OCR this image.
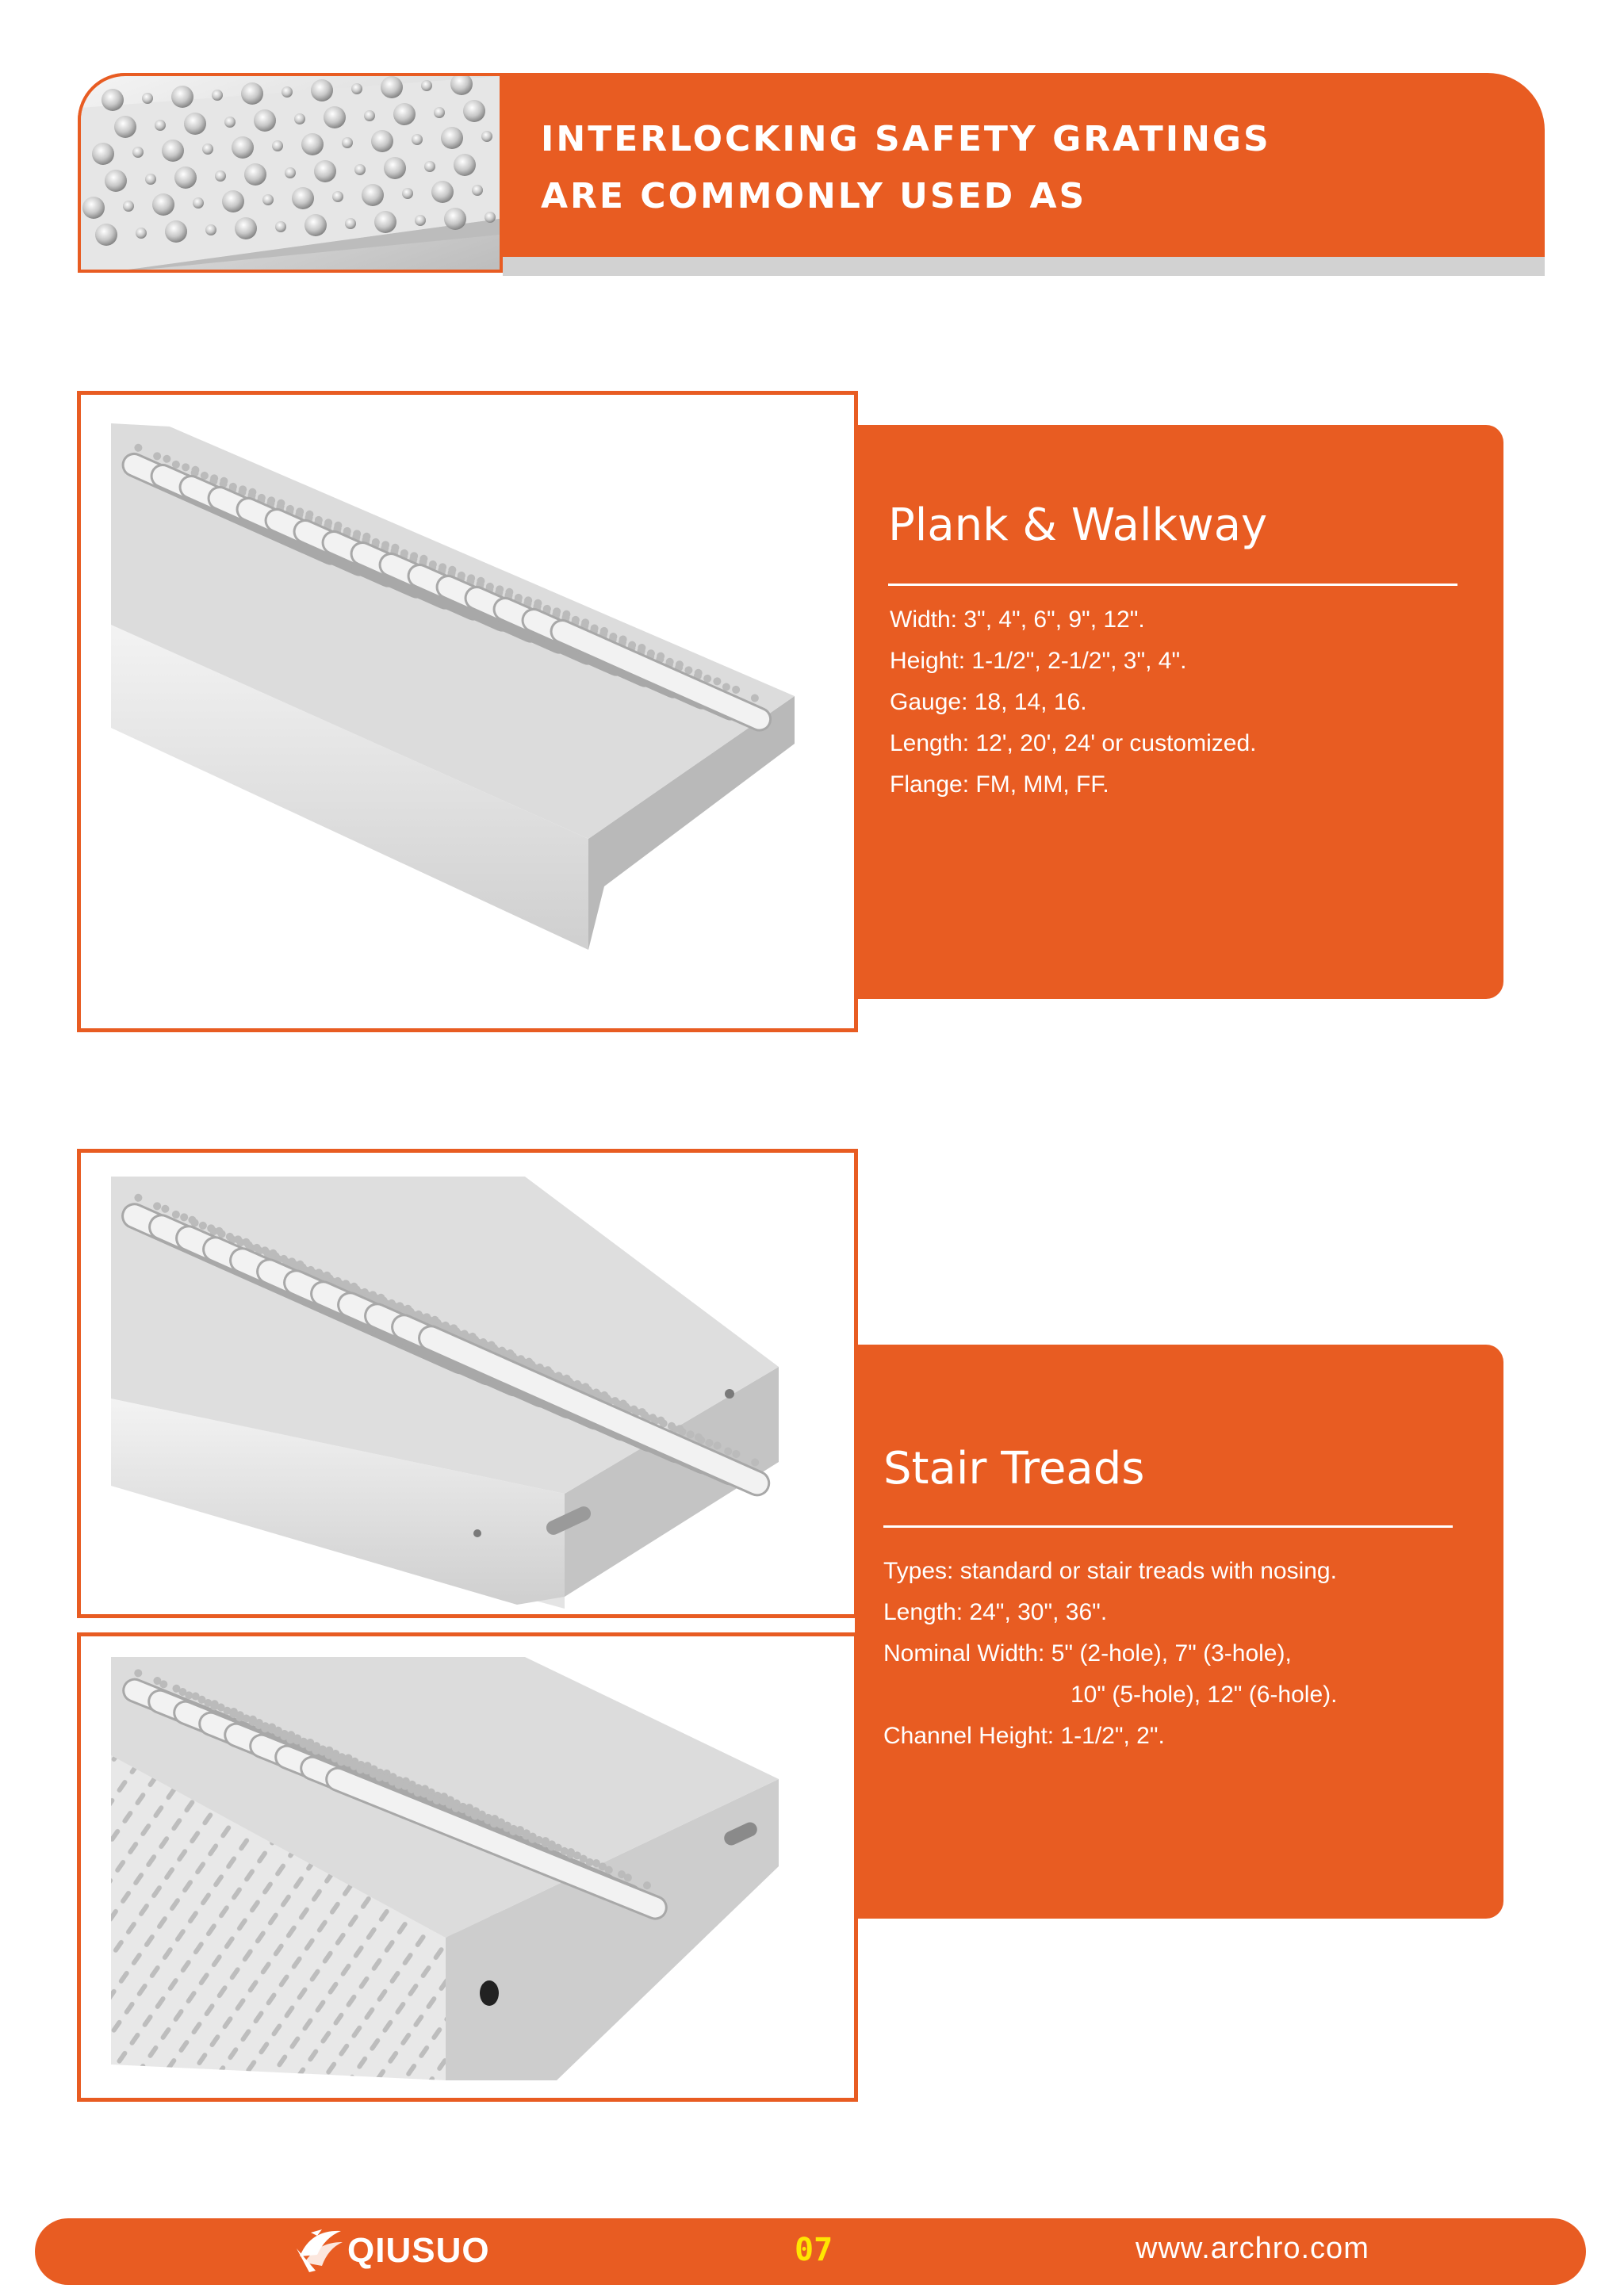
INTERLOCKING SAFETY GRATINGS
ARE COMMONLY USED AS
Plank & Walkway
Width: 3", 4", 6", 9", 12".
Height: 1-1/2", 2-1/2", 3", 4".
Gauge: 18, 14, 16.
Length: 12', 20', 24' or customized.
Flange: FM, MM, FF.
Stair Treads
Types: standard or stair treads with nosing.
Length: 24", 30", 36".
Nominal Width: 5" (2-hole), 7" (3-hole),
10" (5-hole), 12" (6-hole).
Channel Height: 1-1/2", 2".
QIUSUO	07	www.archro.com
